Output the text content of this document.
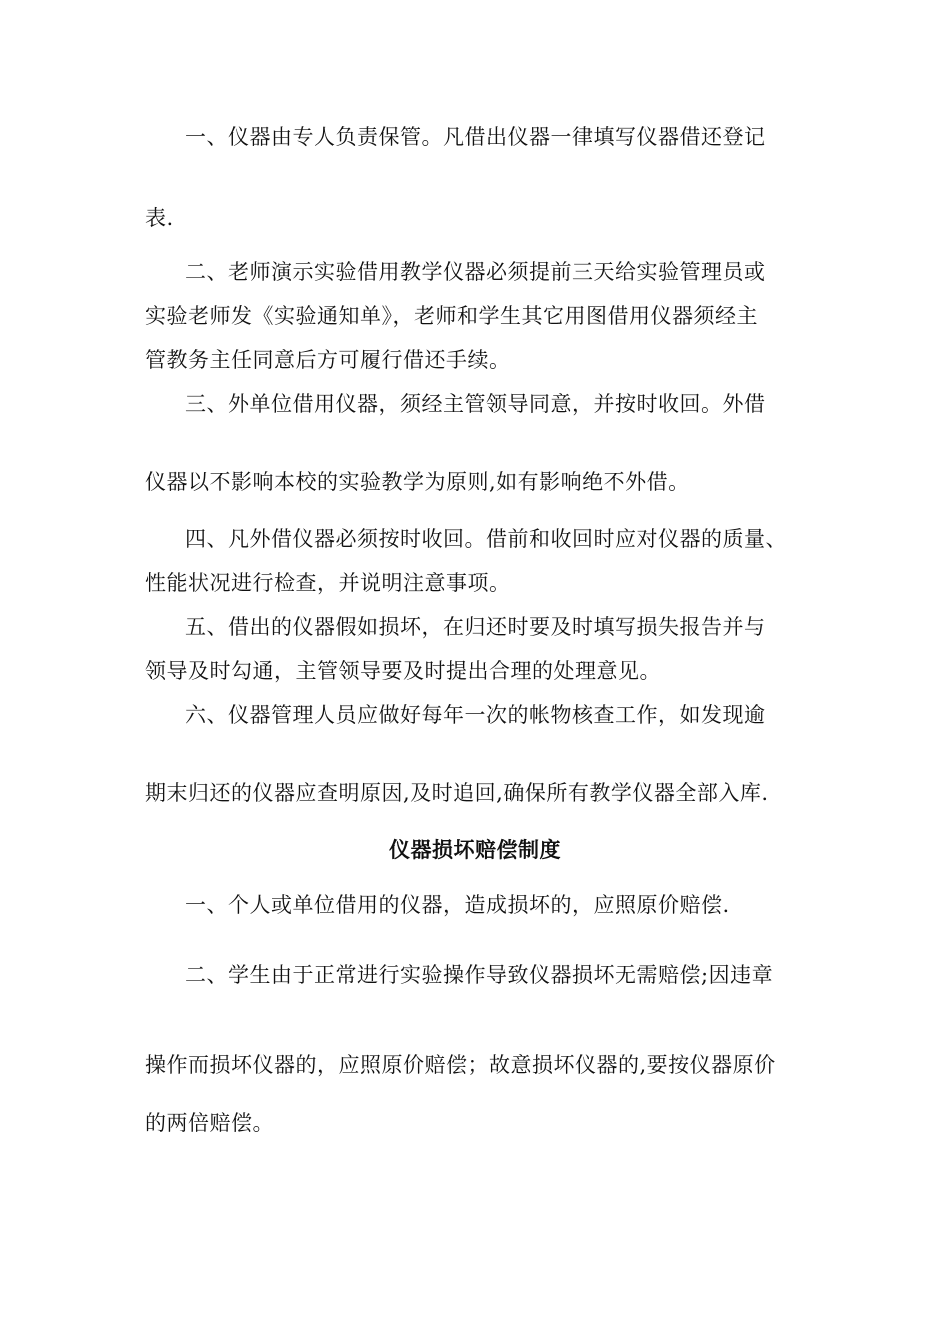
一、仪器由专人负责保管。凡借出仪器一律填写仪器借还登记
表.
二、老师演示实验借用教学仪器必须提前三天给实验管理员或
实验老师发《实验通知单》，老师和学生其它用图借用仪器须经主
管教务主任同意后方可履行借还手续。
三、外单位借用仪器，须经主管领导同意，并按时收回。外借
仪器以不影响本校的实验教学为原则,如有影响绝不外借。
四、凡外借仪器必须按时收回。借前和收回时应对仪器的质量、
性能状况进行检查，并说明注意事项。
五、借出的仪器假如损坏，在归还时要及时填写损失报告并与
领导及时勾通，主管领导要及时提出合理的处理意见。
六、仪器管理人员应做好每年一次的帐物核查工作，如发现逾
期末归还的仪器应查明原因,及时追回,确保所有教学仪器全部入库.
仪器损坏赔偿制度
一、个人或单位借用的仪器，造成损坏的，应照原价赔偿.
二、学生由于正常进行实验操作导致仪器损坏无需赔偿;因违章
操作而损坏仪器的，应照原价赔偿；故意损坏仪器的,要按仪器原价
的两倍赔偿。
